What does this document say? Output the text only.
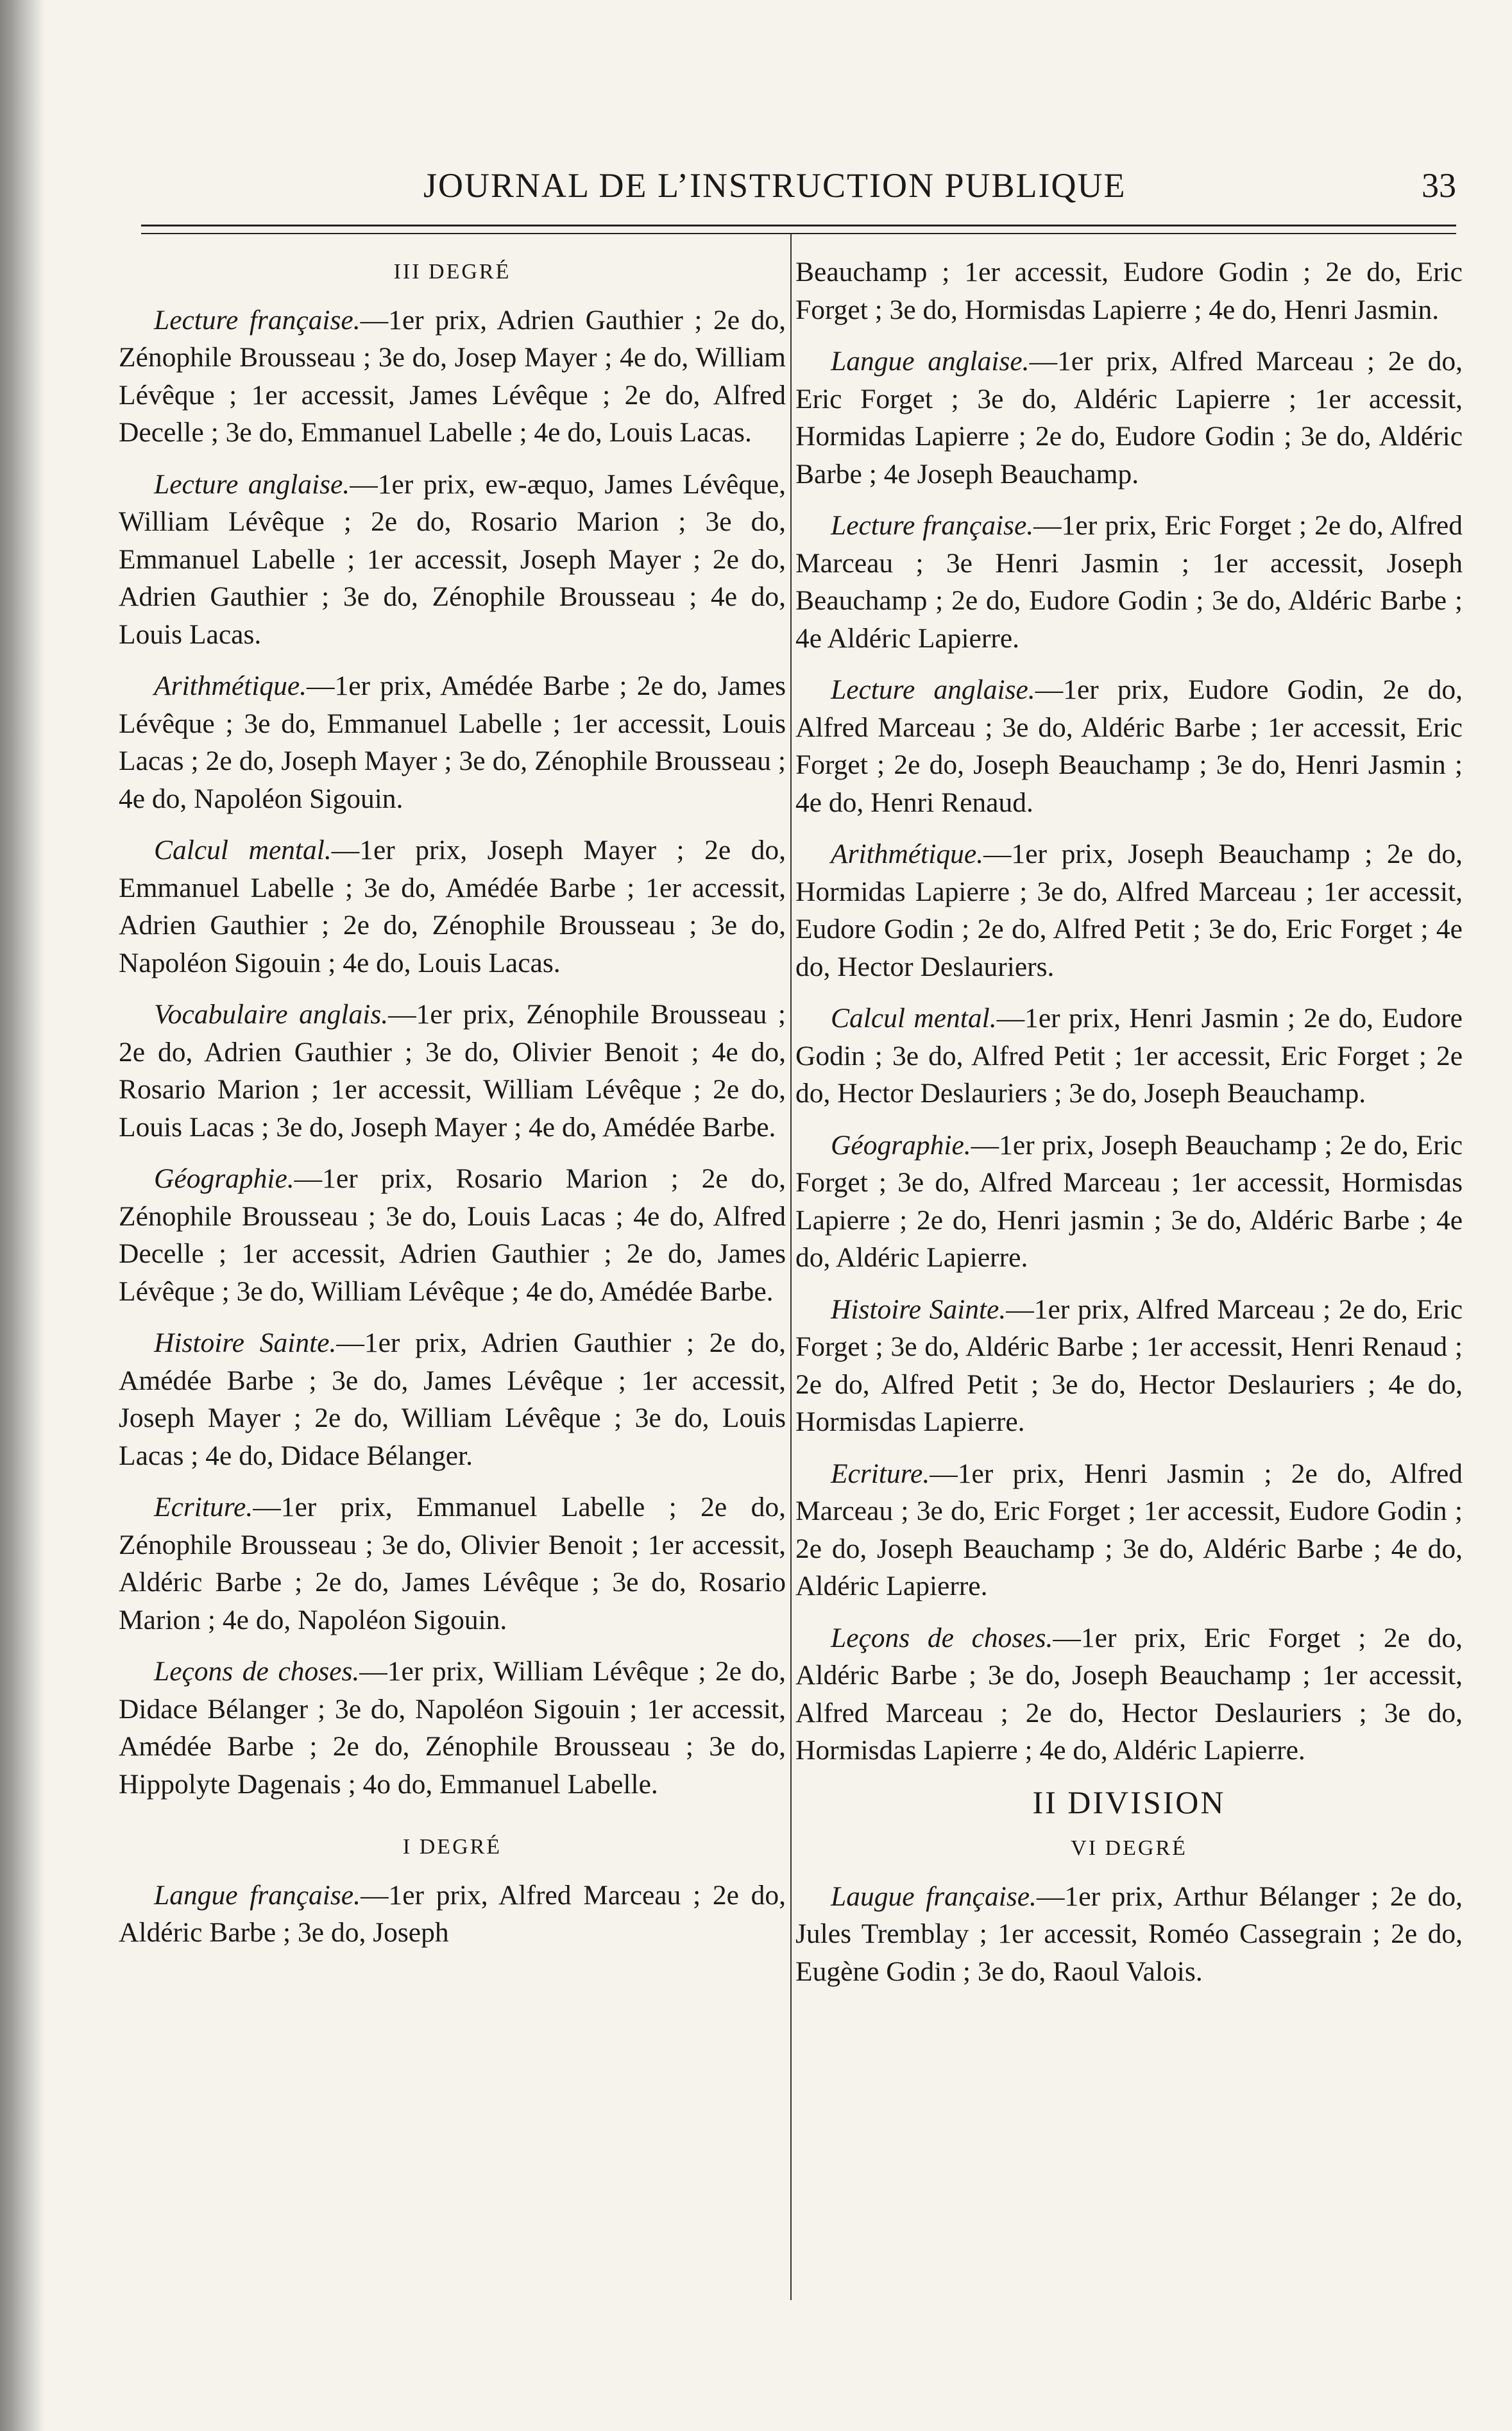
JOURNAL DE L’INSTRUCTION PUBLIQUE	33
III DEGRÉ

Lecture française.—1er prix, Adrien Gauthier ; 2e do, Zénophile Brousseau ; 3e do, Josep Mayer ; 4e do, William Lévêque ; 1er accessit, James Lévêque ; 2e do, Alfred Decelle ; 3e do, Emmanuel Labelle ; 4e do, Louis Lacas.

Lecture anglaise.—1er prix, ew-æquo, James Lévêque, William Lévêque ; 2e do, Rosario Marion ; 3e do, Emmanuel Labelle ; 1er accessit, Joseph Mayer ; 2e do, Adrien Gauthier ; 3e do, Zénophile Brousseau ; 4e do, Louis Lacas.

Arithmétique.—1er prix, Amédée Barbe ; 2e do, James Lévêque ; 3e do, Emmanuel Labelle ; 1er accessit, Louis Lacas ; 2e do, Joseph Mayer ; 3e do, Zénophile Brousseau ; 4e do, Napoléon Sigouin.

Calcul mental.—1er prix, Joseph Mayer ; 2e do, Emmanuel Labelle ; 3e do, Amédée Barbe ; 1er accessit, Adrien Gauthier ; 2e do, Zénophile Brousseau ; 3e do, Napoléon Sigouin ; 4e do, Louis Lacas.

Vocabulaire anglais.—1er prix, Zénophile Brousseau ; 2e do, Adrien Gauthier ; 3e do, Olivier Benoit ; 4e do, Rosario Marion ; 1er accessit, William Lévêque ; 2e do, Louis Lacas ; 3e do, Joseph Mayer ; 4e do, Amédée Barbe.

Géographie.—1er prix, Rosario Marion ; 2e do, Zénophile Brousseau ; 3e do, Louis Lacas ; 4e do, Alfred Decelle ; 1er accessit, Adrien Gauthier ; 2e do, James Lévêque ; 3e do, William Lévêque ; 4e do, Amédée Barbe.

Histoire Sainte.—1er prix, Adrien Gauthier ; 2e do, Amédée Barbe ; 3e do, James Lévêque ; 1er accessit, Joseph Mayer ; 2e do, William Lévêque ; 3e do, Louis Lacas ; 4e do, Didace Bélanger.

Ecriture.—1er prix, Emmanuel Labelle ; 2e do, Zénophile Brousseau ; 3e do, Olivier Benoit ; 1er accessit, Aldéric Barbe ; 2e do, James Lévêque ; 3e do, Rosario Marion ; 4e do, Napoléon Sigouin.

Leçons de choses.—1er prix, William Lévêque ; 2e do, Didace Bélanger ; 3e do, Napoléon Sigouin ; 1er accessit, Amédée Barbe ; 2e do, Zénophile Brousseau ; 3e do, Hippolyte Dagenais ; 4o do, Emmanuel Labelle.

I DEGRÉ

Langue française.—1er prix, Alfred Marceau ; 2e do, Aldéric Barbe ; 3e do, Joseph

Beauchamp ; 1er accessit, Eudore Godin ; 2e do, Eric Forget ; 3e do, Hormisdas Lapierre ; 4e do, Henri Jasmin.

Langue anglaise.—1er prix, Alfred Marceau ; 2e do, Eric Forget ; 3e do, Aldéric Lapierre ; 1er accessit, Hormidas Lapierre ; 2e do, Eudore Godin ; 3e do, Aldéric Barbe ; 4e Joseph Beauchamp.

Lecture française.—1er prix, Eric Forget ; 2e do, Alfred Marceau ; 3e Henri Jasmin ; 1er accessit, Joseph Beauchamp ; 2e do, Eudore Godin ; 3e do, Aldéric Barbe ; 4e Aldéric Lapierre.

Lecture anglaise.—1er prix, Eudore Godin, 2e do, Alfred Marceau ; 3e do, Aldéric Barbe ; 1er accessit, Eric Forget ; 2e do, Joseph Beauchamp ; 3e do, Henri Jasmin ; 4e do, Henri Renaud.

Arithmétique.—1er prix, Joseph Beauchamp ; 2e do, Hormidas Lapierre ; 3e do, Alfred Marceau ; 1er accessit, Eudore Godin ; 2e do, Alfred Petit ; 3e do, Eric Forget ; 4e do, Hector Deslauriers.

Calcul mental.—1er prix, Henri Jasmin ; 2e do, Eudore Godin ; 3e do, Alfred Petit ; 1er accessit, Eric Forget ; 2e do, Hector Deslauriers ; 3e do, Joseph Beauchamp.

Géographie.—1er prix, Joseph Beauchamp ; 2e do, Eric Forget ; 3e do, Alfred Marceau ; 1er accessit, Hormisdas Lapierre ; 2e do, Henri jasmin ; 3e do, Aldéric Barbe ; 4e do, Aldéric Lapierre.

Histoire Sainte.—1er prix, Alfred Marceau ; 2e do, Eric Forget ; 3e do, Aldéric Barbe ; 1er accessit, Henri Renaud ; 2e do, Alfred Petit ; 3e do, Hector Deslauriers ; 4e do, Hormisdas Lapierre.

Ecriture.—1er prix, Henri Jasmin ; 2e do, Alfred Marceau ; 3e do, Eric Forget ; 1er accessit, Eudore Godin ; 2e do, Joseph Beauchamp ; 3e do, Aldéric Barbe ; 4e do, Aldéric Lapierre.

Leçons de choses.—1er prix, Eric Forget ; 2e do, Aldéric Barbe ; 3e do, Joseph Beauchamp ; 1er accessit, Alfred Marceau ; 2e do, Hector Deslauriers ; 3e do, Hormisdas Lapierre ; 4e do, Aldéric Lapierre.

II DIVISION
VI DEGRÉ

Laugue française.—1er prix, Arthur Bélanger ; 2e do, Jules Tremblay ; 1er accessit, Roméo Cassegrain ; 2e do, Eugène Godin ; 3e do, Raoul Valois.
